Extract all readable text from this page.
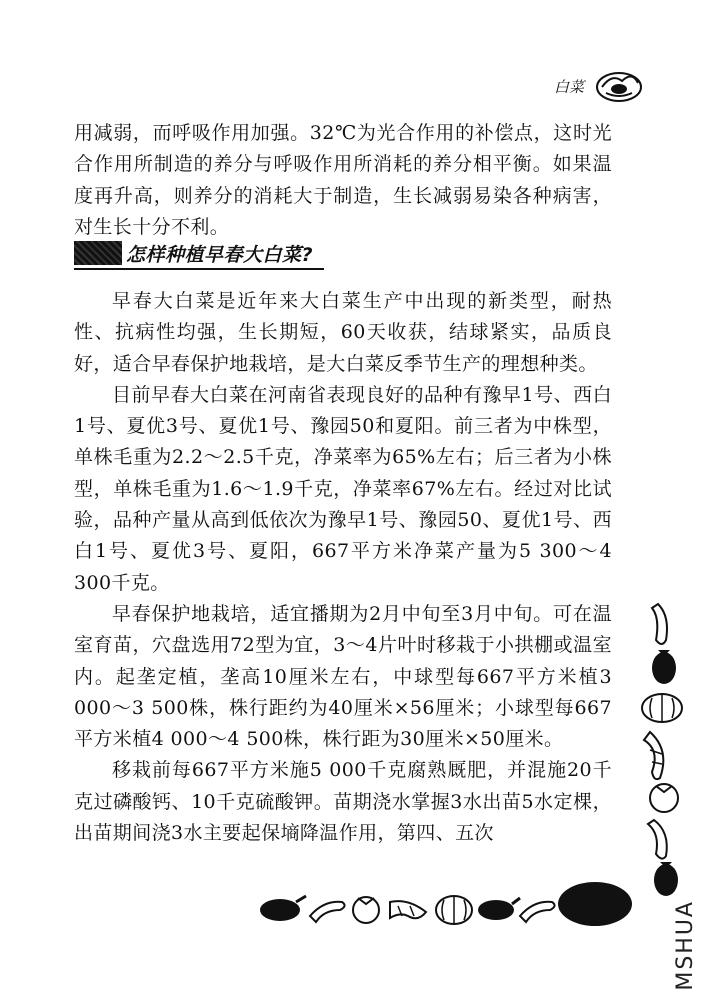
白菜

用减弱，而呼吸作用加强。32℃为光合作用的补偿点，这时光合作用所制造的养分与呼吸作用所消耗的养分相平衡。如果温度再升高，则养分的消耗大于制造，生长减弱易染各种病害，对生长十分不利。

怎样种植早春大白菜?

早春大白菜是近年来大白菜生产中出现的新类型，耐热性、抗病性均强，生长期短，60天收获，结球紧实，品质良好，适合早春保护地栽培，是大白菜反季节生产的理想种类。

目前早春大白菜在河南省表现良好的品种有豫早1号、西白1号、夏优3号、夏优1号、豫园50和夏阳。前三者为中株型，单株毛重为2.2～2.5千克，净菜率为65%左右；后三者为小株型，单株毛重为1.6～1.9千克，净菜率67%左右。经过对比试验，品种产量从高到低依次为豫早1号、豫园50、夏优1号、西白1号、夏优3号、夏阳，667平方米净菜产量为5 300～4 300千克。

早春保护地栽培，适宜播期为2月中旬至3月中旬。可在温室育苗，穴盘选用72型为宜，3～4片叶时移栽于小拱棚或温室内。起垄定植，垄高10厘米左右，中球型每667平方米植3 000～3 500株，株行距约为40厘米×56厘米；小球型每667平方米植4 000～4 500株，株行距为30厘米×50厘米。

移栽前每667平方米施5 000千克腐熟厩肥，并混施20千克过磷酸钙、10千克硫酸钾。苗期浇水掌握3水出苗5水定棵，出苗期间浇3水主要起保墒降温作用，第四、五次

MSHUA
